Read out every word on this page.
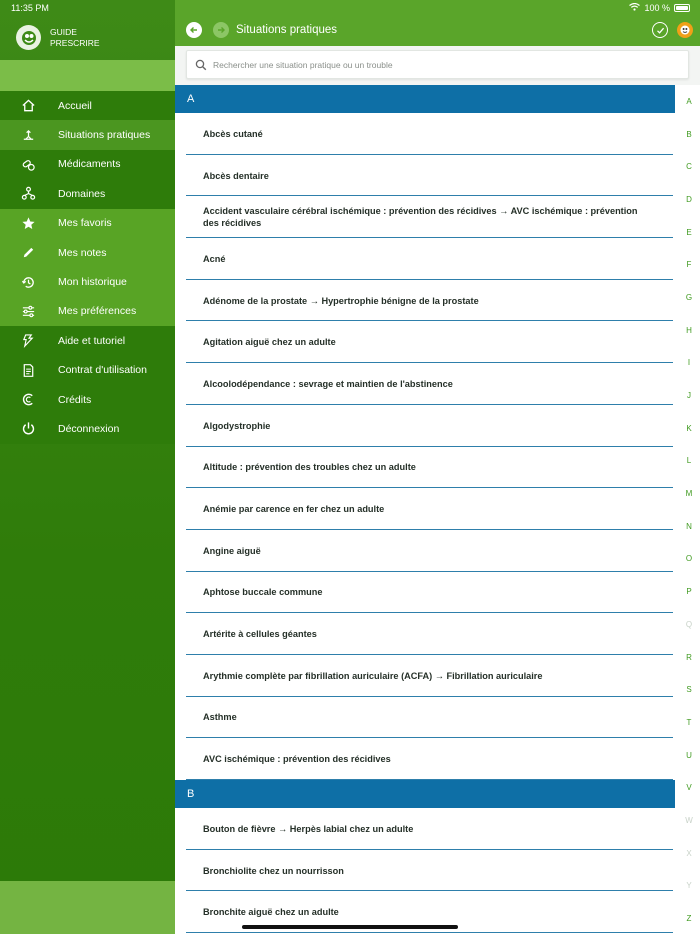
11:35 PM
GUIDE
PRESCRIRE
Accueil
Situations pratiques
Médicaments
Domaines
Mes favoris
Mes notes
Mon historique
Mes préférences
Aide et tutoriel
Contrat d'utilisation
Crédits
Déconnexion
100 %
Situations pratiques
Rechercher une situation pratique ou un trouble
A
Abcès cutané
Abcès dentaire
Accident vasculaire cérébral ischémique : prévention des récidives → AVC ischémique : prévention des récidives
Acné
Adénome de la prostate → Hypertrophie bénigne de la prostate
Agitation aiguë chez un adulte
Alcoolodépendance : sevrage et maintien de l'abstinence
Algodystrophie
Altitude : prévention des troubles chez un adulte
Anémie par carence en fer chez un adulte
Angine aiguë
Aphtose buccale commune
Artérite à cellules géantes
Arythmie complète par fibrillation auriculaire (ACFA) → Fibrillation auriculaire
Asthme
AVC ischémique : prévention des récidives
B
Bouton de fièvre → Herpès labial chez un adulte
Bronchiolite chez un nourrisson
Bronchite aiguë chez un adulte
A
B
C
D
E
F
G
H
I
J
K
L
M
N
O
P
Q
R
S
T
U
V
W
X
Y
Z
